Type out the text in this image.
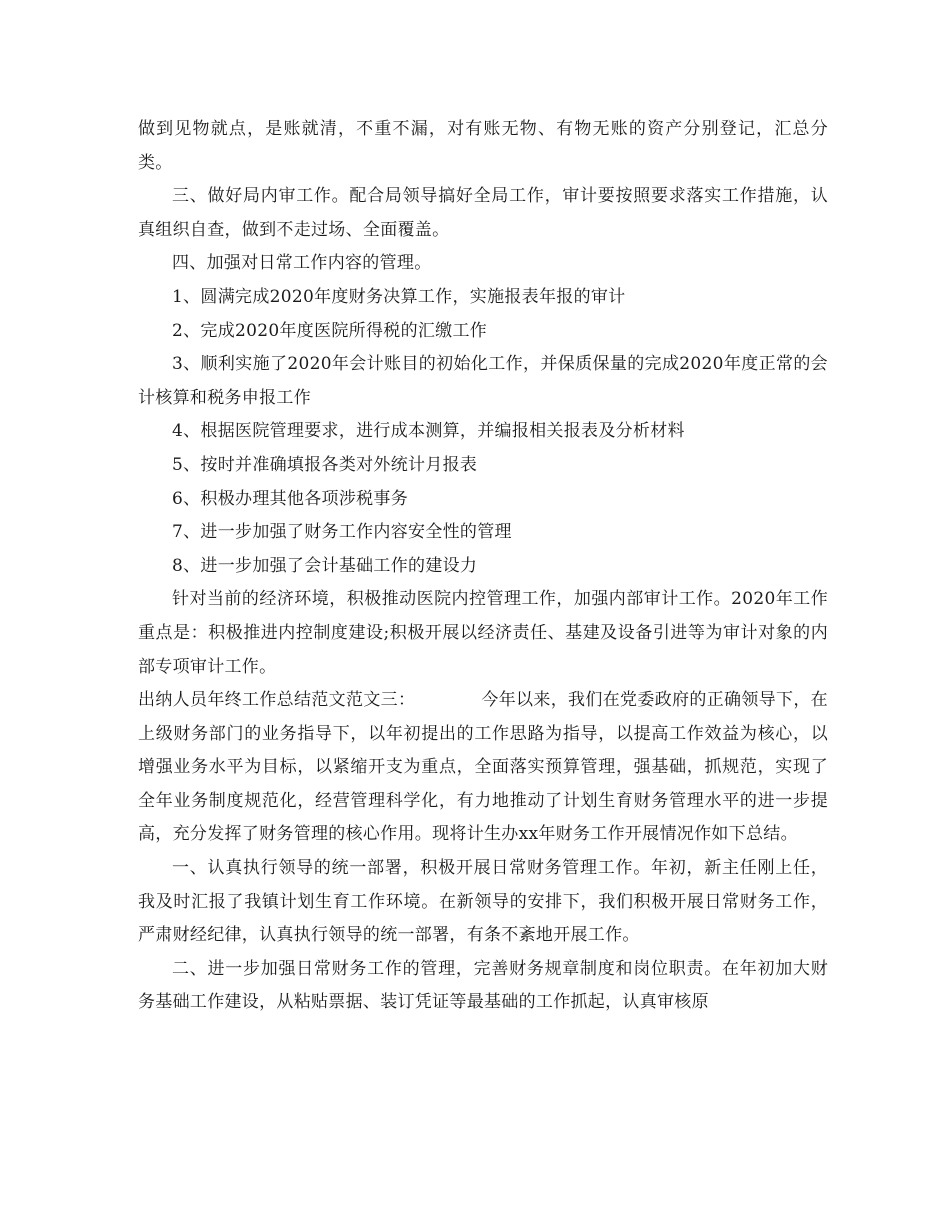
做到见物就点，是账就清，不重不漏，对有账无物、有物无账的资产分别登记，汇总分类。

三、做好局内审工作。配合局领导搞好全局工作，审计要按照要求落实工作措施，认真组织自查，做到不走过场、全面覆盖。

四、加强对日常工作内容的管理。

1、圆满完成2020年度财务决算工作，实施报表年报的审计

2、完成2020年度医院所得税的汇缴工作

3、顺利实施了2020年会计账目的初始化工作，并保质保量的完成2020年度正常的会计核算和税务申报工作

4、根据医院管理要求，进行成本测算，并编报相关报表及分析材料

5、按时并准确填报各类对外统计月报表

6、积极办理其他各项涉税事务

7、进一步加强了财务工作内容安全性的管理

8、进一步加强了会计基础工作的建设力

针对当前的经济环境，积极推动医院内控管理工作，加强内部审计工作。2020年工作重点是：积极推进内控制度建设;积极开展以经济责任、基建及设备引进等为审计对象的内部专项审计工作。

出纳人员年终工作总结范文范文三：	今年以来，我们在党委政府的正确领导下，在上级财务部门的业务指导下，以年初提出的工作思路为指导，以提高工作效益为核心，以增强业务水平为目标，以紧缩开支为重点，全面落实预算管理，强基础，抓规范，实现了全年业务制度规范化，经营管理科学化，有力地推动了计划生育财务管理水平的进一步提高，充分发挥了财务管理的核心作用。现将计生办xx年财务工作开展情况作如下总结。

一、认真执行领导的统一部署，积极开展日常财务管理工作。年初，新主任刚上任，我及时汇报了我镇计划生育工作环境。在新领导的安排下，我们积极开展日常财务工作，严肃财经纪律，认真执行领导的统一部署，有条不紊地开展工作。

二、进一步加强日常财务工作的管理，完善财务规章制度和岗位职责。在年初加大财务基础工作建设，从粘贴票据、装订凭证等最基础的工作抓起，认真审核原
